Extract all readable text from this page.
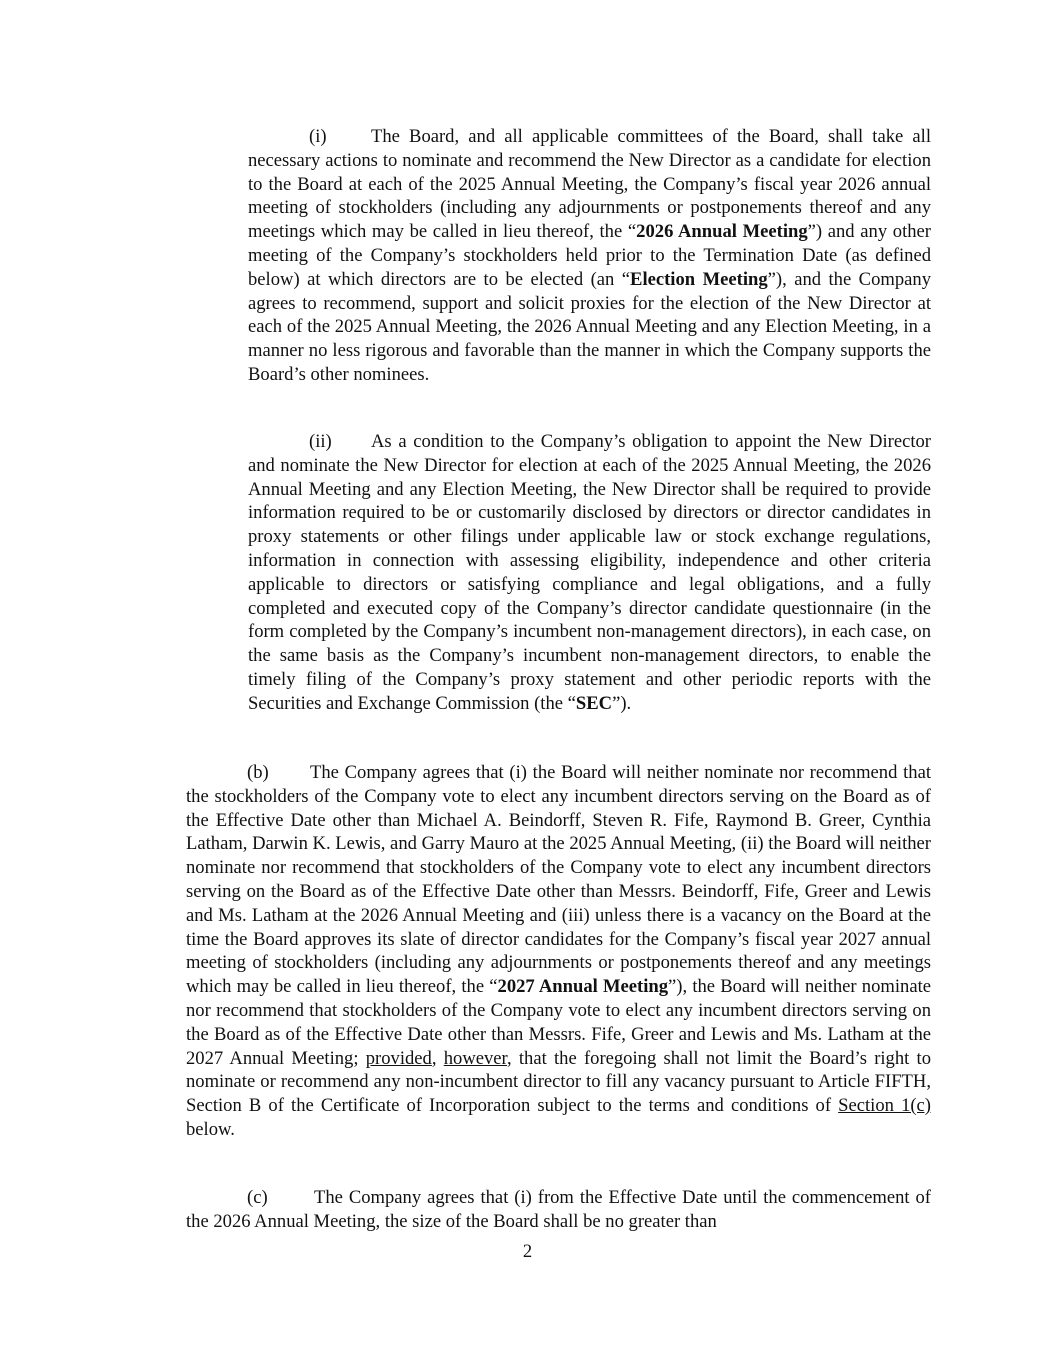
(i) The Board, and all applicable committees of the Board, shall take all necessary actions to nominate and recommend the New Director as a candidate for election to the Board at each of the 2025 Annual Meeting, the Company’s fiscal year 2026 annual meeting of stockholders (including any adjournments or postponements thereof and any meetings which may be called in lieu thereof, the “2026 Annual Meeting”) and any other meeting of the Company’s stockholders held prior to the Termination Date (as defined below) at which directors are to be elected (an “Election Meeting”), and the Company agrees to recommend, support and solicit proxies for the election of the New Director at each of the 2025 Annual Meeting, the 2026 Annual Meeting and any Election Meeting, in a manner no less rigorous and favorable than the manner in which the Company supports the Board’s other nominees.

(ii) As a condition to the Company’s obligation to appoint the New Director and nominate the New Director for election at each of the 2025 Annual Meeting, the 2026 Annual Meeting and any Election Meeting, the New Director shall be required to provide information required to be or customarily disclosed by directors or director candidates in proxy statements or other filings under applicable law or stock exchange regulations, information in connection with assessing eligibility, independence and other criteria applicable to directors or satisfying compliance and legal obligations, and a fully completed and executed copy of the Company’s director candidate questionnaire (in the form completed by the Company’s incumbent non-management directors), in each case, on the same basis as the Company’s incumbent non-management directors, to enable the timely filing of the Company’s proxy statement and other periodic reports with the Securities and Exchange Commission (the “SEC”).

(b) The Company agrees that (i) the Board will neither nominate nor recommend that the stockholders of the Company vote to elect any incumbent directors serving on the Board as of the Effective Date other than Michael A. Beindorff, Steven R. Fife, Raymond B. Greer, Cynthia Latham, Darwin K. Lewis, and Garry Mauro at the 2025 Annual Meeting, (ii) the Board will neither nominate nor recommend that stockholders of the Company vote to elect any incumbent directors serving on the Board as of the Effective Date other than Messrs. Beindorff, Fife, Greer and Lewis and Ms. Latham at the 2026 Annual Meeting and (iii) unless there is a vacancy on the Board at the time the Board approves its slate of director candidates for the Company’s fiscal year 2027 annual meeting of stockholders (including any adjournments or postponements thereof and any meetings which may be called in lieu thereof, the “2027 Annual Meeting”), the Board will neither nominate nor recommend that stockholders of the Company vote to elect any incumbent directors serving on the Board as of the Effective Date other than Messrs. Fife, Greer and Lewis and Ms. Latham at the 2027 Annual Meeting; provided, however, that the foregoing shall not limit the Board’s right to nominate or recommend any non-incumbent director to fill any vacancy pursuant to Article FIFTH, Section B of the Certificate of Incorporation subject to the terms and conditions of Section 1(c) below.

(c) The Company agrees that (i) from the Effective Date until the commencement of the 2026 Annual Meeting, the size of the Board shall be no greater than

2
